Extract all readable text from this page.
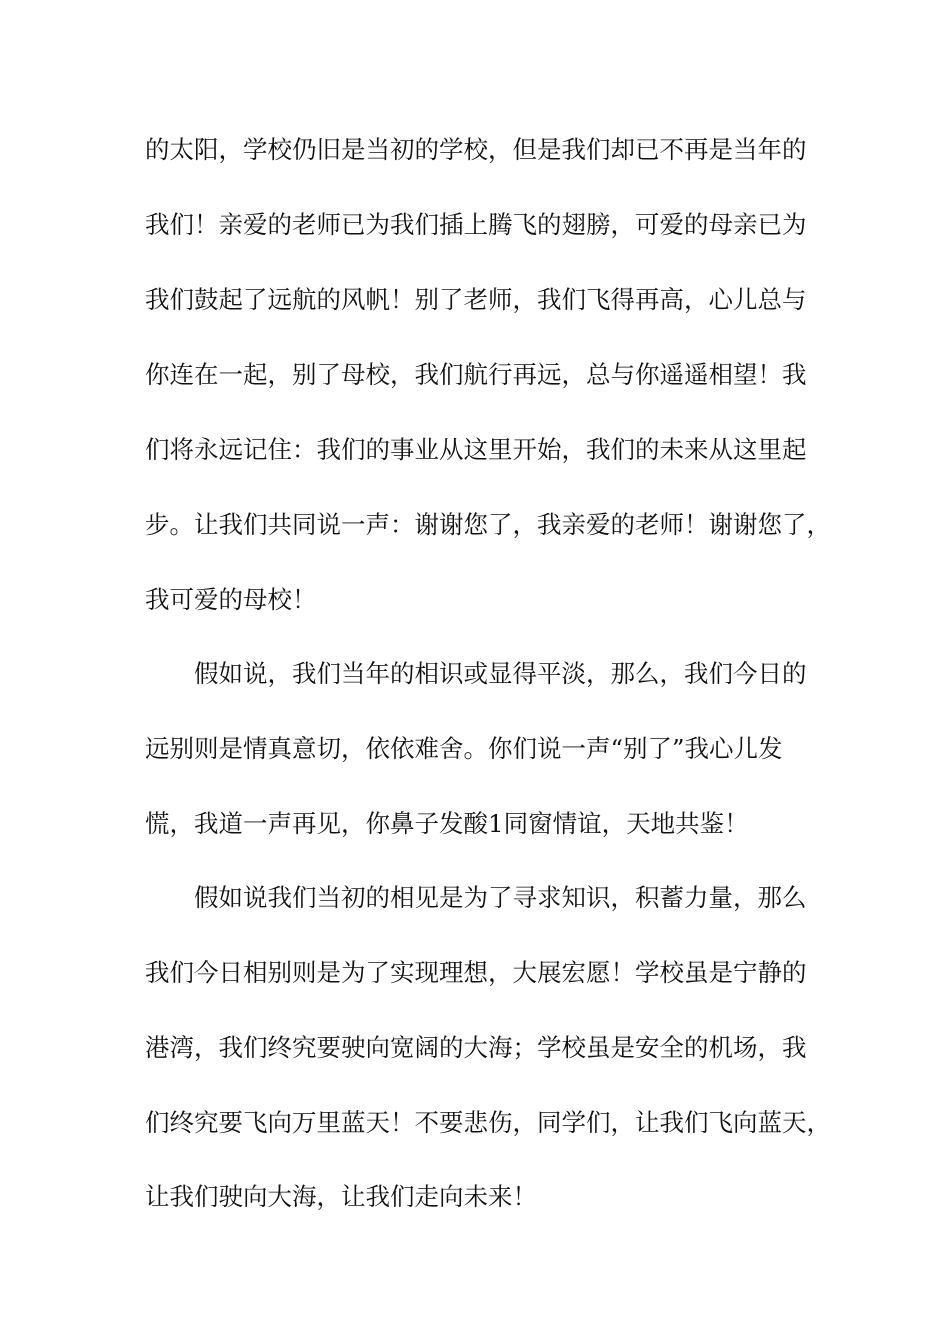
的太阳，学校仍旧是当初的学校，但是我们却已不再是当年的

我们！亲爱的老师已为我们插上腾飞的翅膀，可爱的母亲已为

我们鼓起了远航的风帆！别了老师，我们飞得再高，心儿总与

你连在一起，别了母校，我们航行再远，总与你遥遥相望！我

们将永远记住：我们的事业从这里开始，我们的未来从这里起

步。让我们共同说一声：谢谢您了，我亲爱的老师！谢谢您了，

我可爱的母校！

假如说，我们当年的相识或显得平淡，那么，我们今日的

远别则是情真意切，依依难舍。你们说一声“别了”我心儿发

慌，我道一声再见，你鼻子发酸1同窗情谊，天地共鉴！

假如说我们当初的相见是为了寻求知识，积蓄力量，那么

我们今日相别则是为了实现理想，大展宏愿！学校虽是宁静的

港湾，我们终究要驶向宽阔的大海；学校虽是安全的机场，我

们终究要飞向万里蓝天！不要悲伤，同学们，让我们飞向蓝天，

让我们驶向大海，让我们走向未来！
